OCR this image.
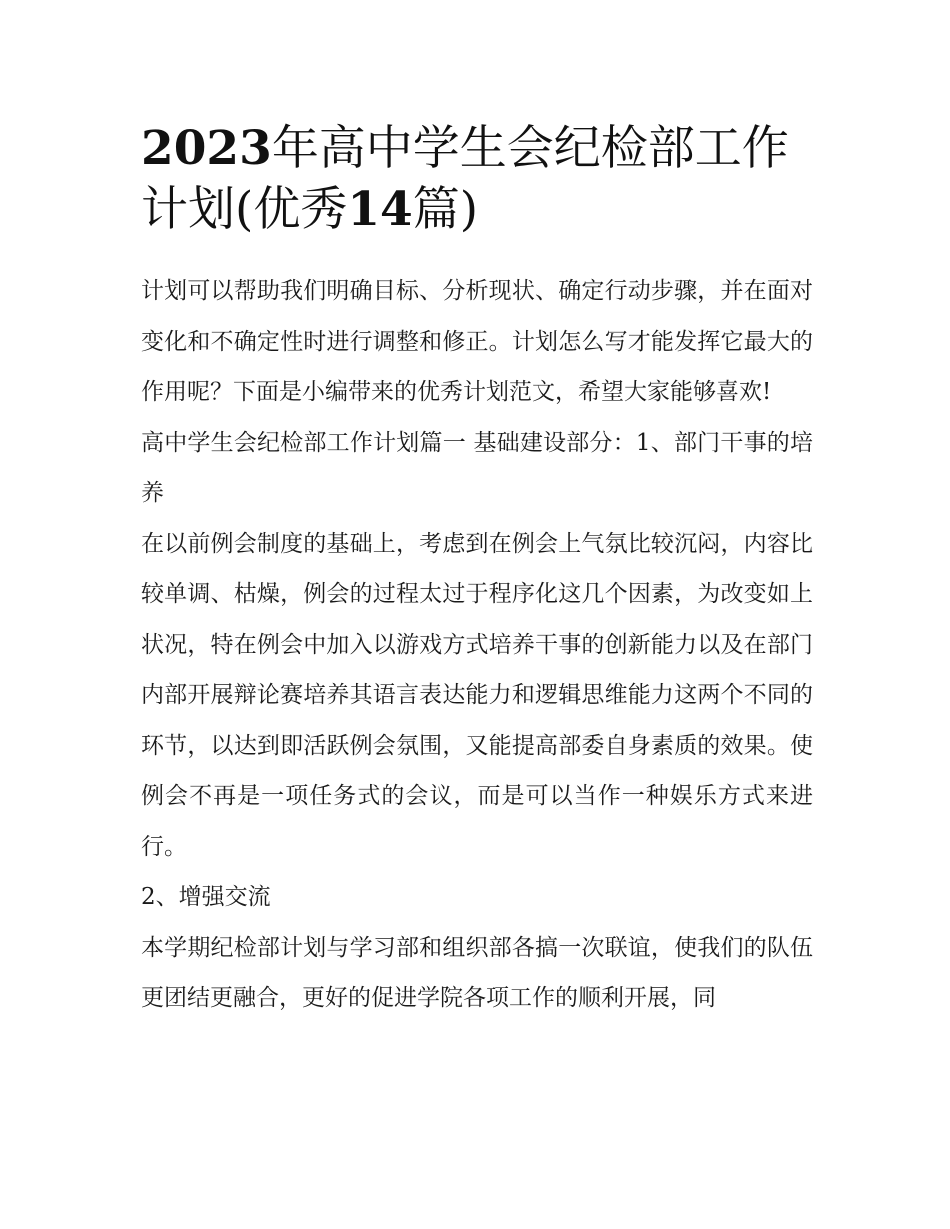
2023年高中学生会纪检部工作计划(优秀14篇)

计划可以帮助我们明确目标、分析现状、确定行动步骤，并在面对变化和不确定性时进行调整和修正。计划怎么写才能发挥它最大的作用呢？下面是小编带来的优秀计划范文，希望大家能够喜欢!

高中学生会纪检部工作计划篇一 基础建设部分：1、部门干事的培养

在以前例会制度的基础上，考虑到在例会上气氛比较沉闷，内容比较单调、枯燥，例会的过程太过于程序化这几个因素，为改变如上状况，特在例会中加入以游戏方式培养干事的创新能力以及在部门内部开展辩论赛培养其语言表达能力和逻辑思维能力这两个不同的环节，以达到即活跃例会氛围，又能提高部委自身素质的效果。使例会不再是一项任务式的会议，而是可以当作一种娱乐方式来进行。

2、增强交流

本学期纪检部计划与学习部和组织部各搞一次联谊，使我们的队伍更团结更融合，更好的促进学院各项工作的顺利开展，同
